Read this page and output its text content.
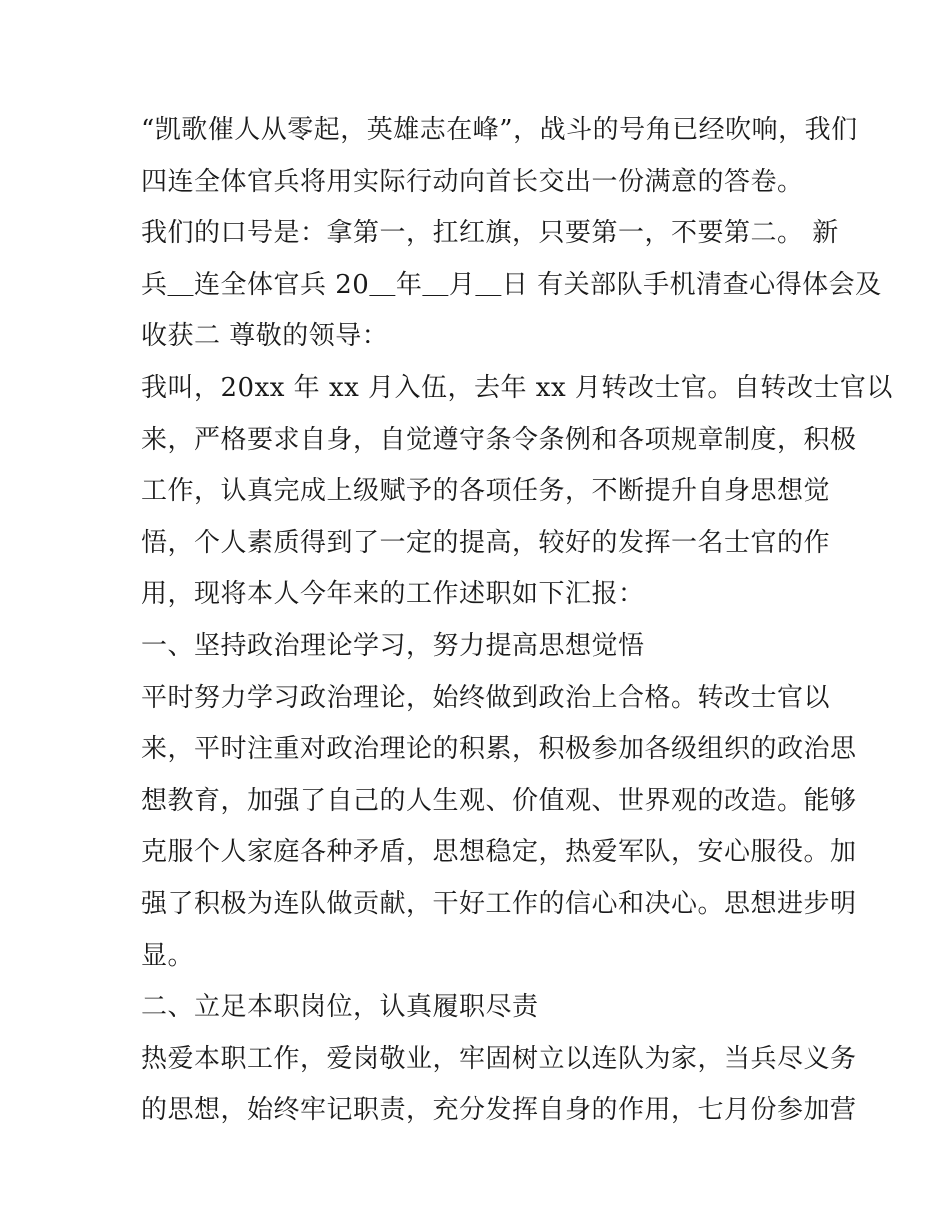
“凯歌催人从零起，英雄志在峰”，战斗的号角已经吹响，我们
四连全体官兵将用实际行动向首长交出一份满意的答卷。
我们的口号是：拿第一，扛红旗，只要第一，不要第二。 新
兵＿连全体官兵 20＿年＿月＿日 有关部队手机清查心得体会及
收获二 尊敬的领导：
我叫，20xx 年 xx 月入伍，去年 xx 月转改士官。自转改士官以
来，严格要求自身，自觉遵守条令条例和各项规章制度，积极
工作，认真完成上级赋予的各项任务，不断提升自身思想觉
悟，个人素质得到了一定的提高，较好的发挥一名士官的作
用，现将本人今年来的工作述职如下汇报：
一、坚持政治理论学习，努力提高思想觉悟
平时努力学习政治理论，始终做到政治上合格。转改士官以
来，平时注重对政治理论的积累，积极参加各级组织的政治思
想教育，加强了自己的人生观、价值观、世界观的改造。能够
克服个人家庭各种矛盾，思想稳定，热爱军队，安心服役。加
强了积极为连队做贡献，干好工作的信心和决心。思想进步明
显。
二、立足本职岗位，认真履职尽责
热爱本职工作，爱岗敬业，牢固树立以连队为家，当兵尽义务
的思想，始终牢记职责，充分发挥自身的作用，七月份参加营
